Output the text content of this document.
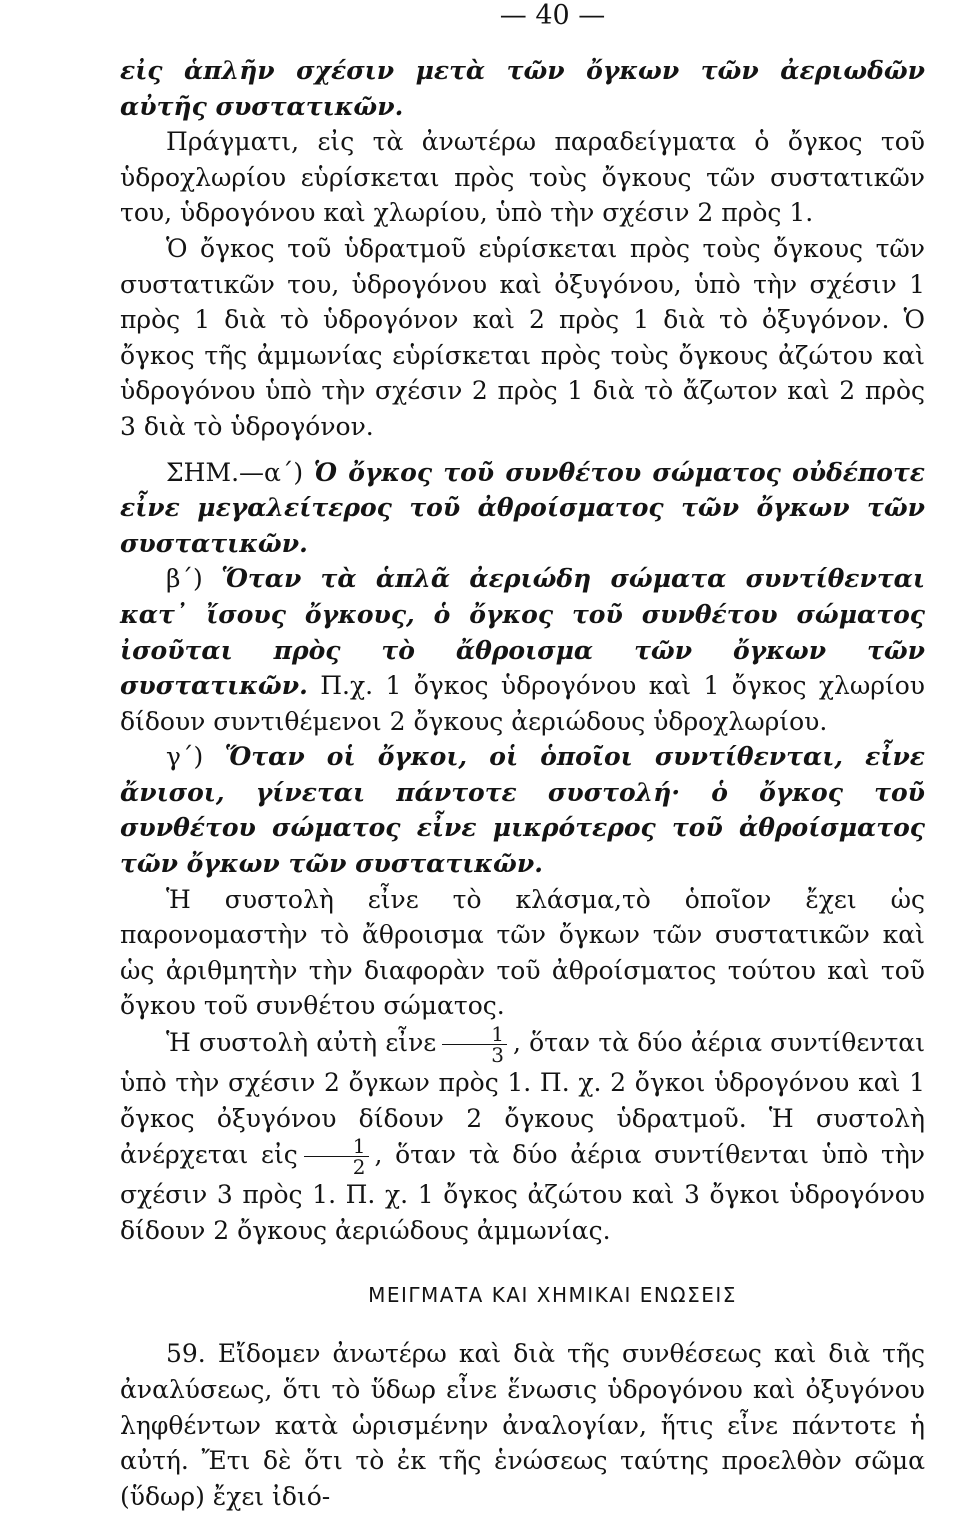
— 40 —

εἰς ἁπλῆν σχέσιν μετὰ τῶν ὄγκων τῶν ἀεριωδῶν αὐτῆς συστατικῶν.

Πράγματι, εἰς τὰ ἀνωτέρω παραδείγματα ὁ ὄγκος τοῦ ὑδροχλωρίου εὑρίσκεται πρὸς τοὺς ὄγκους τῶν συστατικῶν του, ὑδρογόνου καὶ χλωρίου, ὑπὸ τὴν σχέσιν 2 πρὸς 1.

Ὁ ὄγκος τοῦ ὑδρατμοῦ εὑρίσκεται πρὸς τοὺς ὄγκους τῶν συστατικῶν του, ὑδρογόνου καὶ ὀξυγόνου, ὑπὸ τὴν σχέσιν 1 πρὸς 1 διὰ τὸ ὑδρογόνον καὶ 2 πρὸς 1 διὰ τὸ ὀξυγόνον. Ὁ ὄγκος τῆς ἀμμωνίας εὑρίσκεται πρὸς τοὺς ὄγκους ἀζώτου καὶ ὑδρογόνου ὑπὸ τὴν σχέσιν 2 πρὸς 1 διὰ τὸ ἄζωτον καὶ 2 πρὸς 3 διὰ τὸ ὑδρογόνον.

ΣΗΜ.—α΄) Ὁ ὄγκος τοῦ συνθέτου σώματος οὐδέποτε εἶνε μεγαλείτερος τοῦ ἀθροίσματος τῶν ὄγκων τῶν συστατικῶν.

β΄) Ὅταν τὰ ἁπλᾶ ἀεριώδη σώματα συντίθενται κατ᾽ ἴσους ὄγκους, ὁ ὄγκος τοῦ συνθέτου σώματος ἰσοῦται πρὸς τὸ ἄθροισμα τῶν ὄγκων τῶν συστατικῶν. Π.χ. 1 ὄγκος ὑδρογόνου καὶ 1 ὄγκος χλωρίου δίδουν συντιθέμενοι 2 ὄγκους ἀεριώδους ὑδροχλωρίου.

γ΄) Ὅταν οἱ ὄγκοι, οἱ ὁποῖοι συντίθενται, εἶνε ἄνισοι, γίνεται πάντοτε συστολή· ὁ ὄγκος τοῦ συνθέτου σώματος εἶνε μικρότερος τοῦ ἀθροίσματος τῶν ὄγκων τῶν συστατικῶν.

Ἡ συστολὴ εἶνε τὸ κλάσμα,τὸ ὁποῖον ἔχει ὡς παρονομαστὴν τὸ ἄθροισμα τῶν ὄγκων τῶν συστατικῶν καὶ ὡς ἀριθμητὴν τὴν διαφορὰν τοῦ ἀθροίσματος τούτου καὶ τοῦ ὄγκου τοῦ συνθέτου σώματος.

Ἡ συστολὴ αὐτὴ εἶνε $\frac{1}{3}$ , ὅταν τὰ δύο ἀέρια συντίθενται ὑπὸ τὴν σχέσιν 2 ὄγκων πρὸς 1. Π. χ. 2 ὄγκοι ὑδρογόνου καὶ 1 ὄγκος ὀξυγόνου δίδουν 2 ὄγκους ὑδρατμοῦ. Ἡ συστολὴ ἀνέρχεται εἰς $\frac{1}{2}$ , ὅταν τὰ δύο ἀέρια συντίθενται ὑπὸ τὴν σχέσιν 3 πρὸς 1. Π. χ. 1 ὄγκος ἀζώτου καὶ 3 ὄγκοι ὑδρογόνου δίδουν 2 ὄγκους ἀεριώδους ἀμμωνίας.

ΜΕΙΓΜΑΤΑ ΚΑΙ ΧΗΜΙΚΑΙ ΕΝΩΣΕΙΣ

59. Εἴδομεν ἀνωτέρω καὶ διὰ τῆς συνθέσεως καὶ διὰ τῆς ἀναλύσεως, ὅτι τὸ ὕδωρ εἶνε ἕνωσις ὑδρογόνου καὶ ὀξυγόνου ληφθέντων κατὰ ὡρισμένην ἀναλογίαν, ἥτις εἶνε πάντοτε ἡ αὐτή. Ἔτι δὲ ὅτι τὸ ἐκ τῆς ἑνώσεως ταύτης προελθὸν σῶμα (ὕδωρ) ἔχει ἰδιό-
